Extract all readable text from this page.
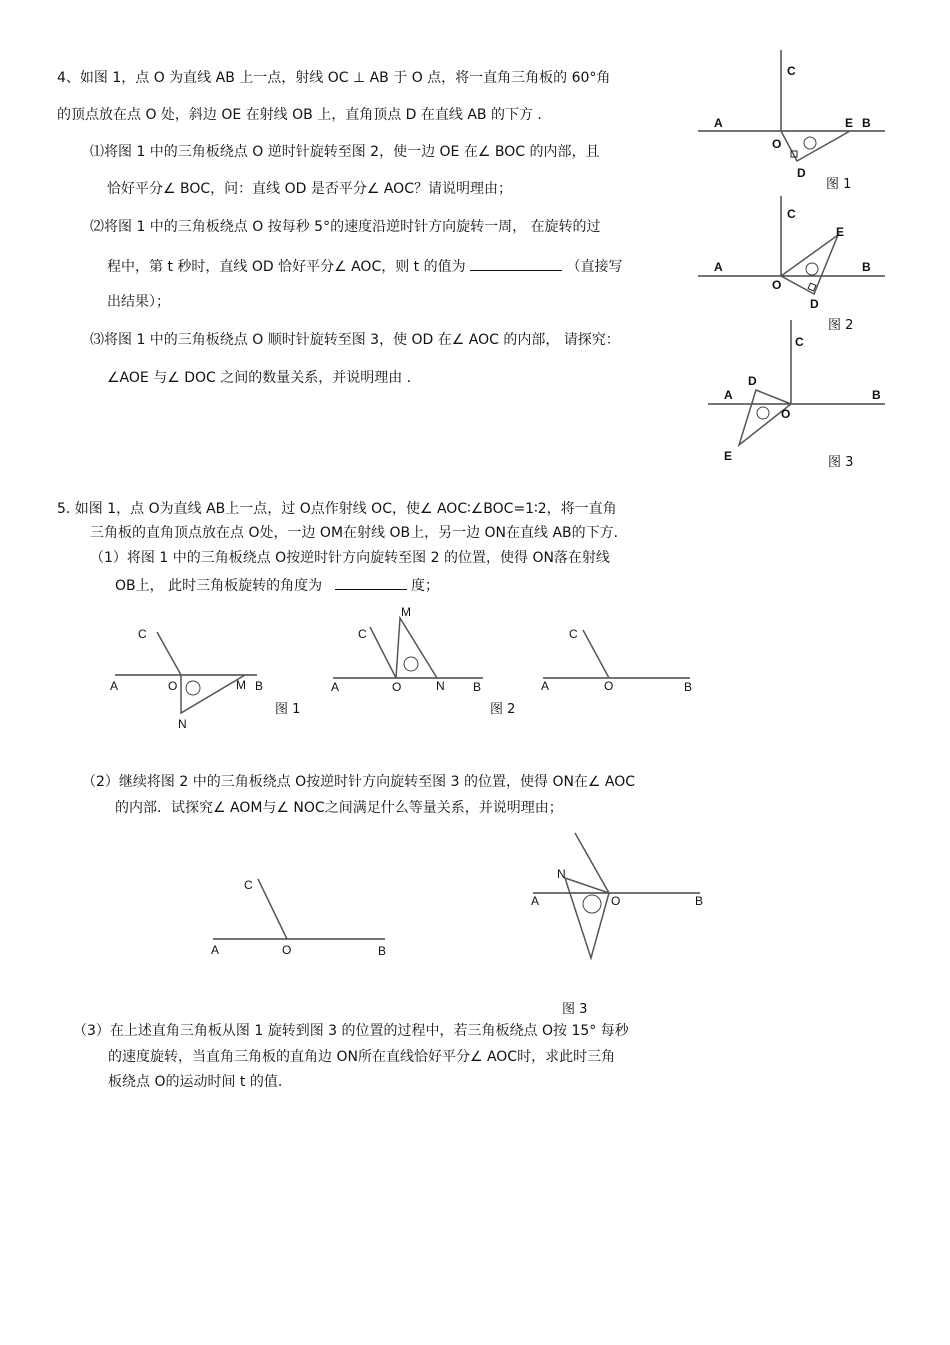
4、如图 1，点 O 为直线 AB 上一点，射线 OC ⊥ AB 于 O 点，将一直角三角板的 60°角
的顶点放在点 O 处，斜边 OE 在射线 OB 上，直角顶点 D 在直线 AB 的下方 .
⑴将图 1 中的三角板绕点 O 逆时针旋转至图 2，使一边 OE 在∠ BOC 的内部，且
恰好平分∠ BOC，问：直线 OD 是否平分∠ AOC？请说明理由；
⑵将图 1 中的三角板绕点 O 按每秒 5°的速度沿逆时针方向旋转一周， 在旋转的过
程中，第 t 秒时，直线 OD 恰好平分∠ AOC，则 t 的值为	（直接写
出结果）；
⑶将图 1 中的三角板绕点 O 顺时针旋转至图 3，使 OD 在∠ AOC 的内部， 请探究：
∠AOE 与∠ DOC 之间的数量关系，并说明理由 .
C
A
O
E B
D
图 1
C
E
A	B
O
D
图 2
C
D
A	B
O
E	图 3
5. 如图 1，点 O为直线 AB上一点，过 O点作射线 OC，使∠ AOC∶∠BOC=1∶2，将一直角
三角板的直角顶点放在点 O处，一边 OM在射线 OB上，另一边 ON在直线 AB的下方．
（1）将图 1 中的三角板绕点 O按逆时针方向旋转至图 2 的位置，使得 ON落在射线
OB上， 此时三角板旋转的角度为	度；
C
A	O	M B
N
图 1
M
C
A	O	N B
图 2
C
A	O	B
（2）继续将图 2 中的三角板绕点 O按逆时针方向旋转至图 3 的位置，使得 ON在∠ AOC
的内部．试探究∠ AOM与∠ NOC之间满足什么等量关系，并说明理由；
C
A	O	B
N
A	O	B
图 3
（3）在上述直角三角板从图 1 旋转到图 3 的位置的过程中，若三角板绕点 O按 15° 每秒
的速度旋转，当直角三角板的直角边 ON所在直线恰好平分∠ AOC时，求此时三角
板绕点 O的运动时间 t 的值.
